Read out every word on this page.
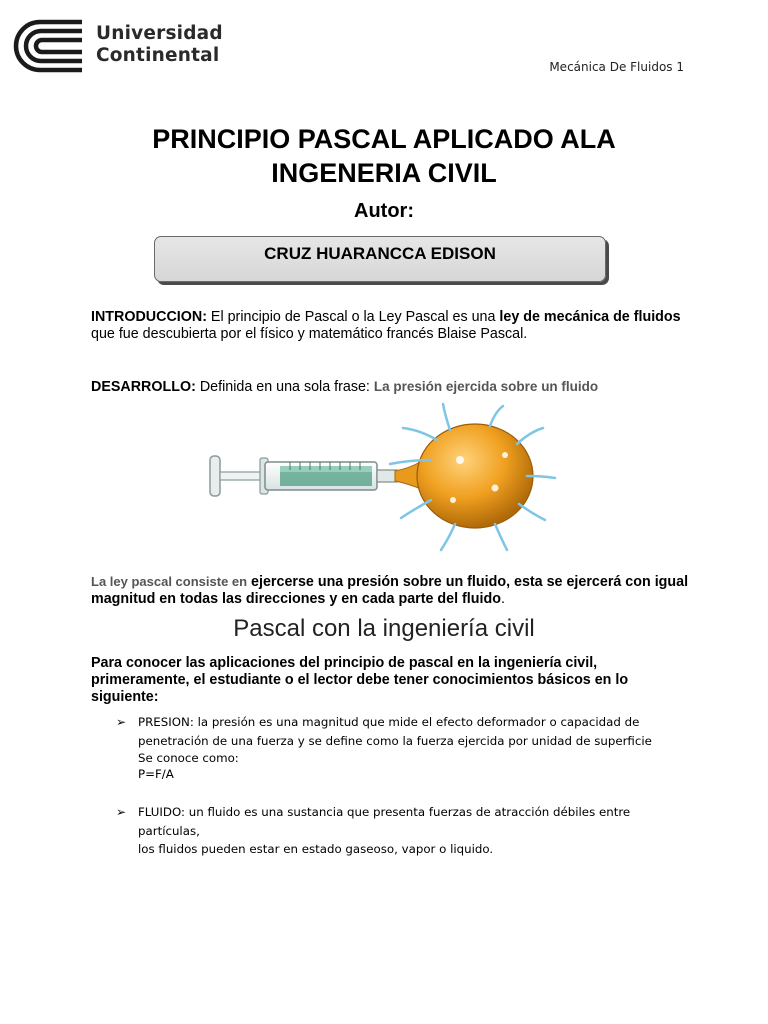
Universidad
Continental
Mecánica De Fluidos 1
PRINCIPIO PASCAL APLICADO ALA
INGENERIA CIVIL
Autor:
CRUZ HUARANCCA EDISON
INTRODUCCION: El principio de Pascal o la Ley Pascal es una ley de mecánica de fluidos que fue descubierta por el físico y matemático francés Blaise Pascal.
DESARROLLO: Definida en una sola frase: La presión ejercida sobre un fluido
La ley pascal consiste en ejercerse una presión sobre un fluido, esta se ejercerá con igual magnitud en todas las direcciones y en cada parte del fluido.
Pascal con la ingeniería civil
Para conocer las aplicaciones del principio de pascal en la ingeniería civil, primeramente, el estudiante o el lector debe tener conocimientos básicos en lo siguiente:
➢ PRESION: la presión es una magnitud que mide el efecto deformador o capacidad de
penetración de una fuerza y se define como la fuerza ejercida por unidad de superficie
Se conoce como:
P=F/A
➢ FLUIDO: un fluido es una sustancia que presenta fuerzas de atracción débiles entre partículas,
los fluidos pueden estar en estado gaseoso, vapor o liquido.
